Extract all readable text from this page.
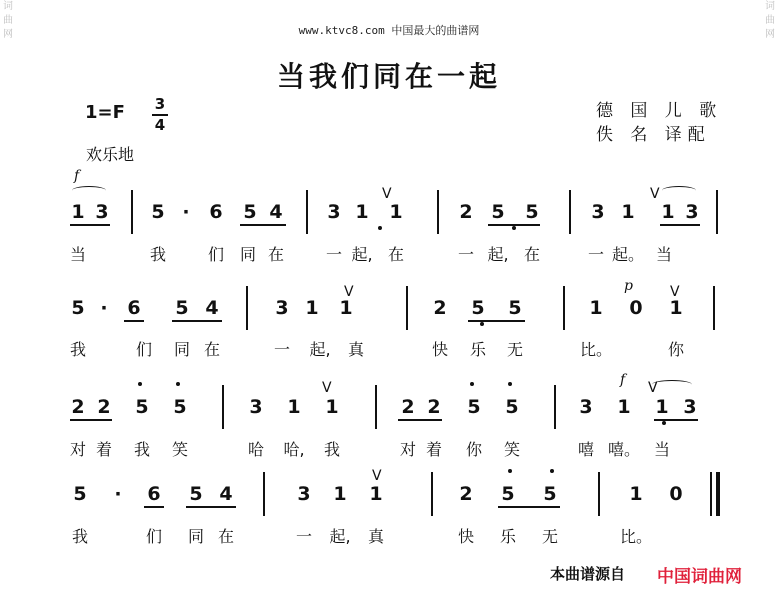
词
曲
网
词
曲
网
www.ktvc8.com 中国最大的曲谱网
当我们同在一起
1=F 3
4
欢乐地
德 国 儿 歌
佚 名 译配
1 3 5 · 6 5 4 3 1 1	2 5 5	3 1 1 3
当	我	们 同 在	一 起, 在	一 起, 在	一 起。 当
5 · 6 5 4	3 1 1	2 5 5	1 0 1
我	们 同 在	一 起, 真	快 乐 无	比。	你
2 2 5 5	3 1 1	2 2 5 5	3 1 1 3
对 着 我 笑	哈 哈, 我	对 着 你 笑	嘻 嘻。 当
5 · 6 5 4	3 1 1	2 5 5	1 0
我	们 同 在	一 起, 真	快 乐 无	比。
f
p
f
V	V
V	V
V	V
V
本曲谱源自 中国词曲网
